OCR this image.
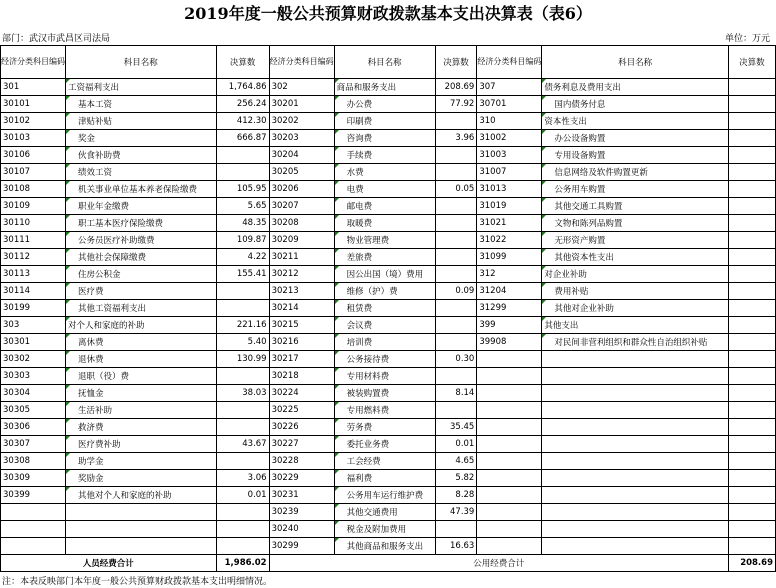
2019年度一般公共预算财政拨款基本支出决算表（表6）
部门：武汉市武昌区司法局	单位：万元
经济分类科目编码	科目名称	决算数	经济分类科目编码	科目名称	决算数	经济分类科目编码	科目名称	决算数
301	工资福利支出	1,764.86	302	商品和服务支出	208.69	307	债务利息及费用支出	
30101	基本工资	256.24	30201	办公费	77.92	30701	国内债务付息	
30102	津贴补贴	412.30	30202	印刷费		310	资本性支出	
30103	奖金	666.87	30203	咨询费	3.96	31002	办公设备购置	
30106	伙食补助费		30204	手续费		31003	专用设备购置	
30107	绩效工资		30205	水费		31007	信息网络及软件购置更新	
30108	机关事业单位基本养老保险缴费	105.95	30206	电费	0.05	31013	公务用车购置	
30109	职业年金缴费	5.65	30207	邮电费		31019	其他交通工具购置	
30110	职工基本医疗保险缴费	48.35	30208	取暖费		31021	文物和陈列品购置	
30111	公务员医疗补助缴费	109.87	30209	物业管理费		31022	无形资产购置	
30112	其他社会保障缴费	4.22	30211	差旅费		31099	其他资本性支出	
30113	住房公积金	155.41	30212	因公出国（境）费用		312	对企业补助	
30114	医疗费		30213	维修（护）费	0.09	31204	费用补贴	
30199	其他工资福利支出		30214	租赁费		31299	其他对企业补助	
303	对个人和家庭的补助	221.16	30215	会议费		399	其他支出	
30301	离休费	5.40	30216	培训费		39908	对民间非营利组织和群众性自治组织补贴	
30302	退休费	130.99	30217	公务接待费	0.30			
30303	退职（役）费		30218	专用材料费				
30304	抚恤金	38.03	30224	被装购置费	8.14			
30305	生活补助		30225	专用燃料费				
30306	救济费		30226	劳务费	35.45			
30307	医疗费补助	43.67	30227	委托业务费	0.01			
30308	助学金		30228	工会经费	4.65			
30309	奖励金	3.06	30229	福利费	5.82			
30399	其他对个人和家庭的补助	0.01	30231	公务用车运行维护费	8.28			
			30239	其他交通费用	47.39			
			30240	税金及附加费用				
			30299	其他商品和服务支出	16.63			
人员经费合计		1,986.02	公用经费合计					208.69
注：本表反映部门本年度一般公共预算财政拨款基本支出明细情况。
